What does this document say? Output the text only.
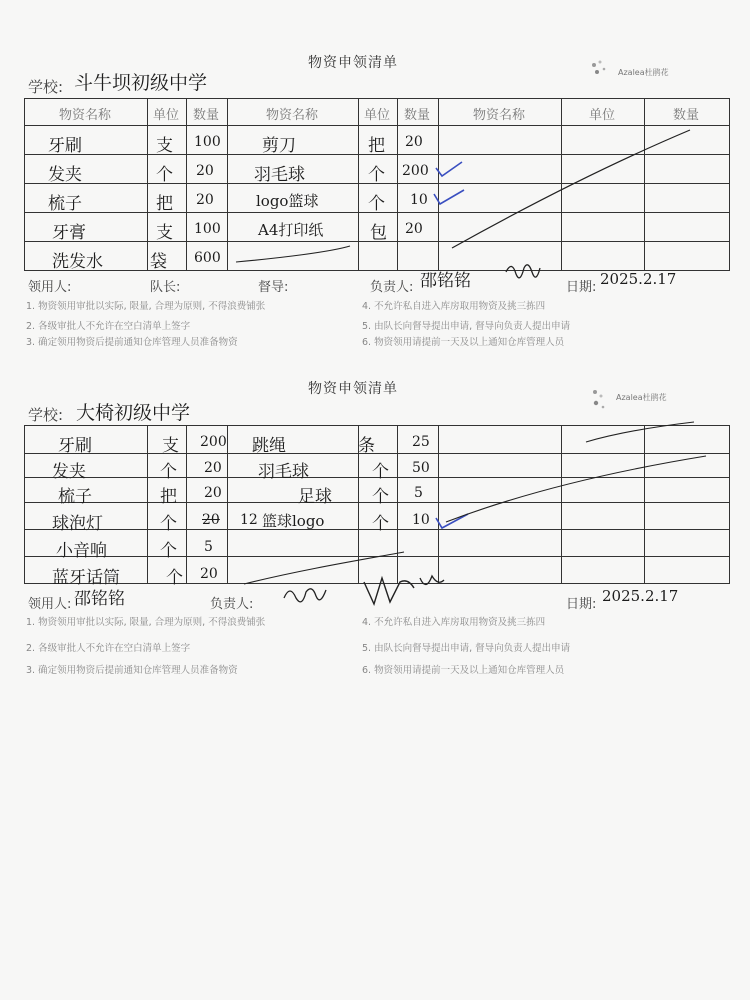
物资申领清单
Azalea杜鹃花
学校: 斗牛坝初级中学

物资名称	单位	数量	物资名称	单位	数量	物资名称	单位	数量
牙刷	支 100 剪刀	把 20
发夹	个 20 羽毛球	个 200
梳子	把 20	logo篮球	个 10
牙膏	支 100 A4打印纸	包 20
洗发水	袋 600
领用人:	队长:	督导:	负责人: 邵铭铭	日期: 2025.2.17
1. 物资领用审批以实际, 限量, 合理为原则, 不得浪费铺张
2. 各级审批人不允许在空白清单上签字
3. 确定领用物资后提前通知仓库管理人员准备物资
4. 不允许私自进入库房取用物资及挑三拣四
5. 由队长向督导提出申请, 督导向负责人提出申请
6. 物资领用请提前一天及以上通知仓库管理人员
物资申领清单
Azalea杜鹃花
学校: 大椅初级中学

牙刷	支 200 跳绳	条	25
发夹	个 20 羽毛球	个 50
梳子	把 20	足球 个 5
球泡灯	个 20 12 篮球logo	个 10
小音响	个 5
蓝牙话筒	个 20
领用人: 邵铭铭	负责人:	日期: 2025.2.17
1. 物资领用审批以实际, 限量, 合理为原则, 不得浪费铺张
2. 各级审批人不允许在空白清单上签字
3. 确定领用物资后提前通知仓库管理人员准备物资
4. 不允许私自进入库房取用物资及挑三拣四
5. 由队长向督导提出申请, 督导向负责人提出申请
6. 物资领用请提前一天及以上通知仓库管理人员
